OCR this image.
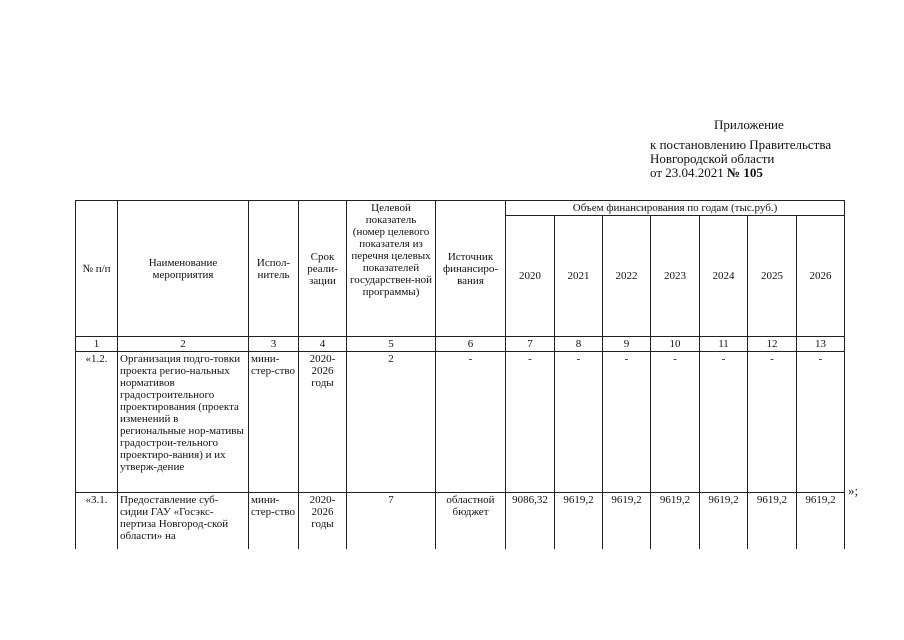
Приложение
к постановлению Правительства
Новгородской области
от 23.04.2021 № 105
№ п/п	Наименование мероприятия	Испол-нитель	Срок реали-зации	Целевой показатель (номер целевого показателя из перечня целевых показателей государствен-ной программы)	Источник финансиро-вания	Объем финансирования по годам (тыс.руб.)						
						2020	2021	2022	2023	2024	2025	2026
1	2	3	4	5	6	7	8	9	10	11	12	13
«1.2.	Организация подго-товки проекта регио-нальных нормативов градостроительного проектирования (проекта изменений в региональные нор-мативы градострои-тельного проектиро-вания) и их утверж-дение	мини-стер-ство	2020-2026 годы	2	-	-	-	-	-	-	-	-
«3.1.	Предоставление суб-сидии ГАУ «Госэкс-пертиза Новгород-ской области» на	мини-стер-ство	2020-2026 годы	7	областной бюджет	9086,32	9619,2	9619,2	9619,2	9619,2	9619,2	9619,2
»;
